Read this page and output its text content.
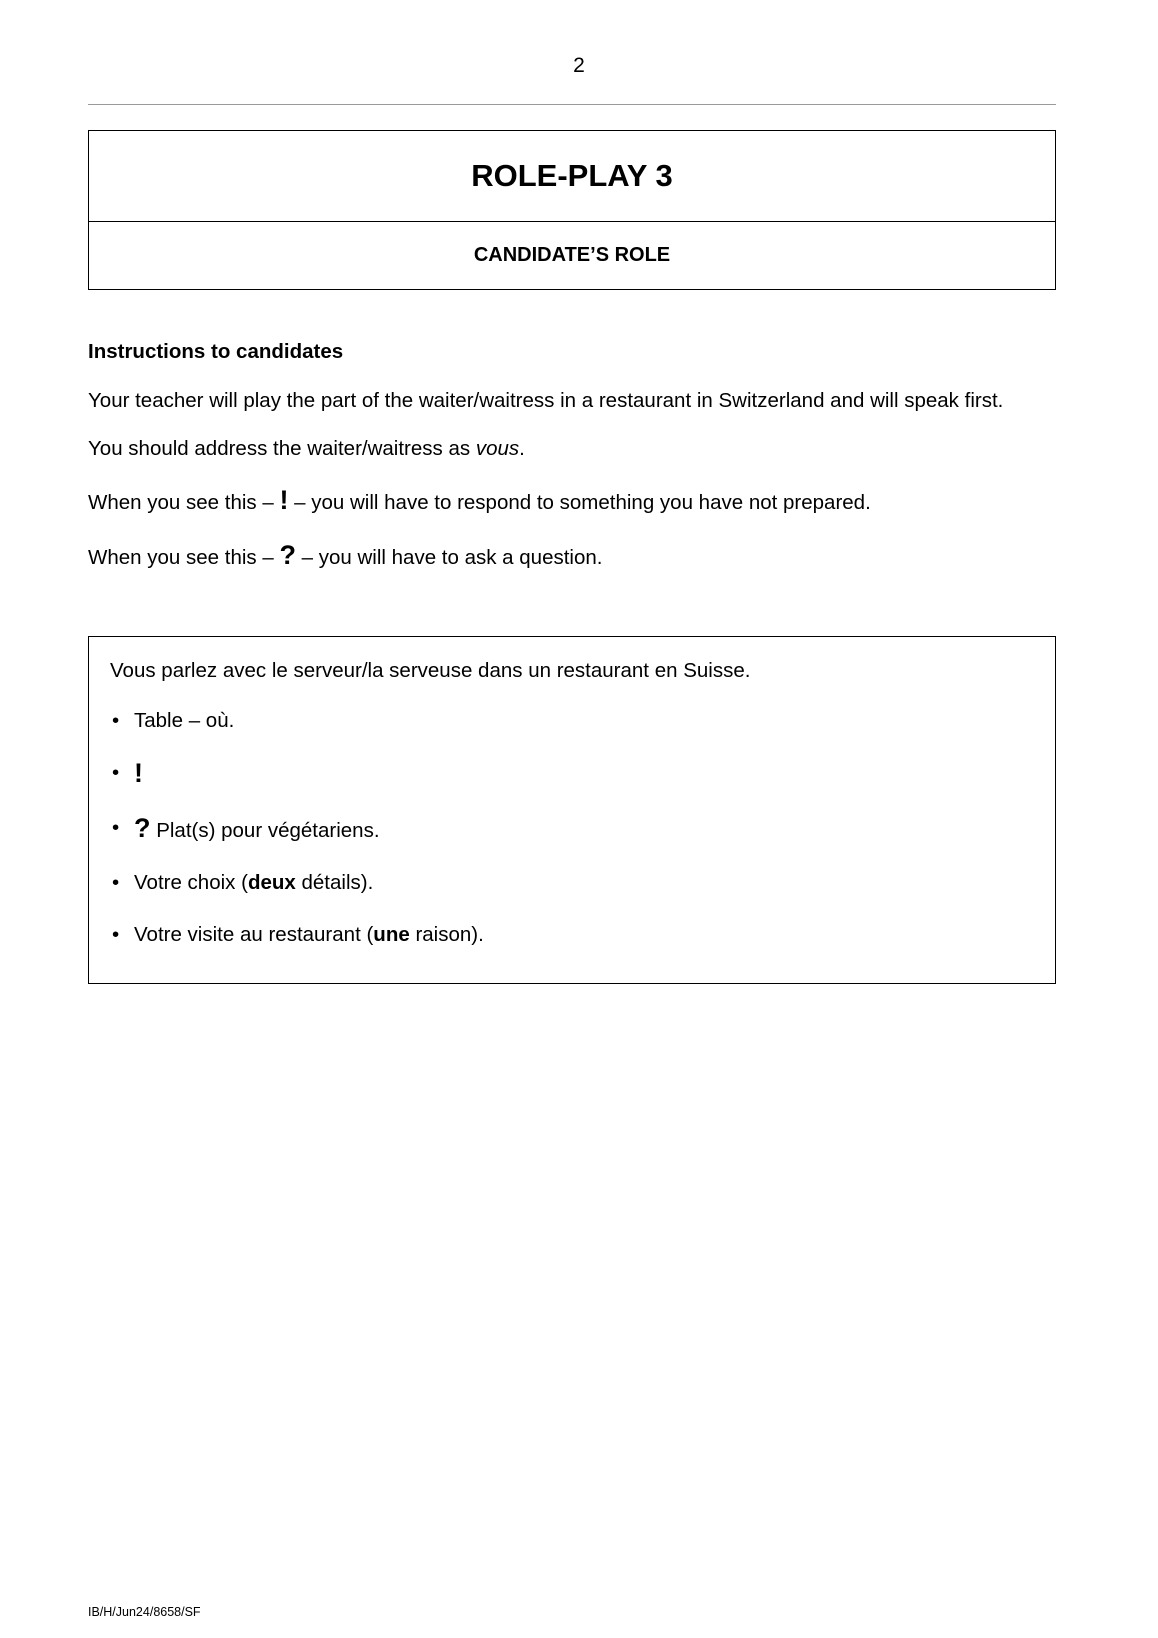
2
ROLE-PLAY 3
CANDIDATE’S ROLE
Instructions to candidates

Your teacher will play the part of the waiter/waitress in a restaurant in Switzerland and will speak first.

You should address the waiter/waitress as vous.

When you see this – ! – you will have to respond to something you have not prepared.

When you see this – ? – you will have to ask a question.

Vous parlez avec le serveur/la serveuse dans un restaurant en Suisse.
• Table – où.
• !
• ? Plat(s) pour végétariens.
• Votre choix (deux détails).
• Votre visite au restaurant (une raison).
IB/H/Jun24/8658/SF
